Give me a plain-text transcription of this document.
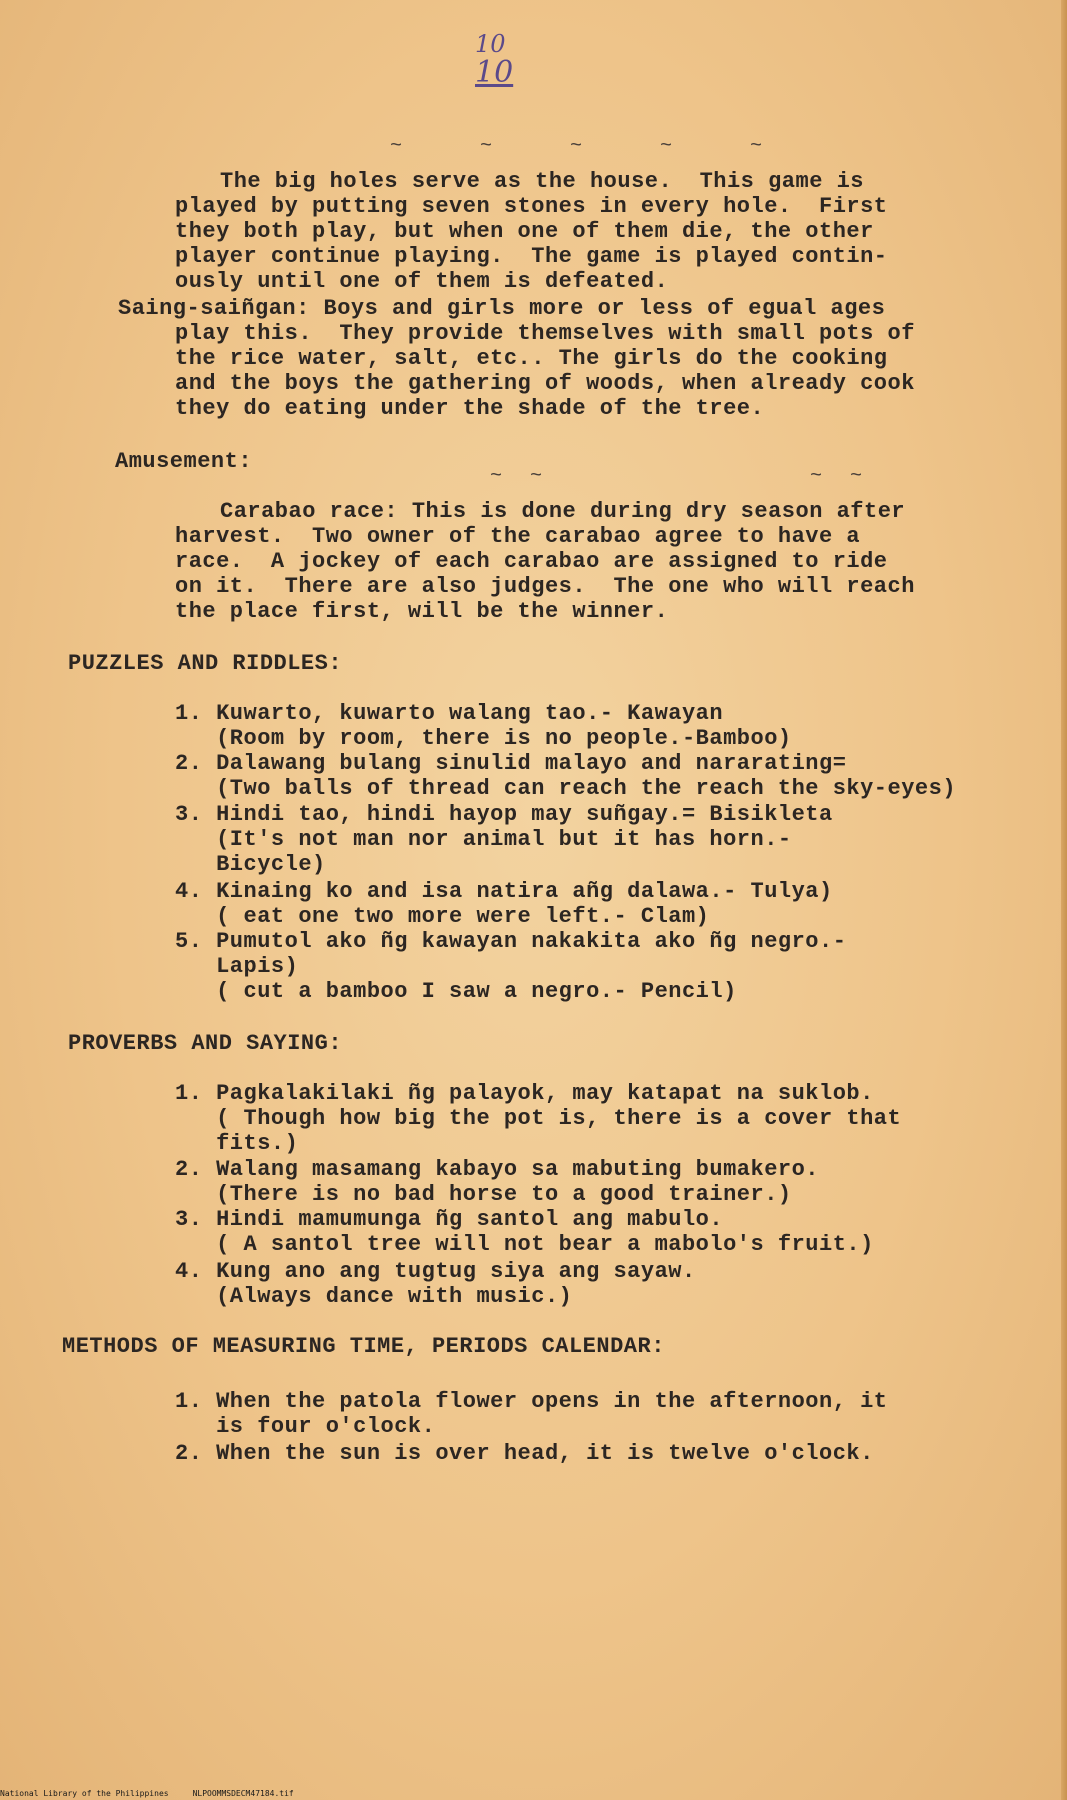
10
10
~	~	~	~	~
~ ~	~ ~
The big holes serve as the house.  This game is
played by putting seven stones in every hole.  First
they both play, but when one of them die, the other
player continue playing.  The game is played contin-
ously until one of them is defeated.
Saing-saiñgan: Boys and girls more or less of egual ages
play this.  They provide themselves with small pots of
the rice water, salt, etc.. The girls do the cooking
and the boys the gathering of woods, when already cook
they do eating under the shade of the tree.
Amusement:
Carabao race: This is done during dry season after
harvest.  Two owner of the carabao agree to have a
race.  A jockey of each carabao are assigned to ride
on it.  There are also judges.  The one who will reach
the place first, will be the winner.
PUZZLES AND RIDDLES:
1. Kuwarto, kuwarto walang tao.- Kawayan
(Room by room, there is no people.-Bamboo)
2. Dalawang bulang sinulid malayo and nararating=
(Two balls of thread can reach the reach the sky-eyes)
3. Hindi tao, hindi hayop may suñgay.= Bisikleta
(It's not man nor animal but it has horn.-
Bicycle)
4. Kinaing ko and isa natira añg dalawa.- Tulya)
( eat one two more were left.- Clam)
5. Pumutol ako ñg kawayan nakakita ako ñg negro.-
Lapis)
( cut a bamboo I saw a negro.- Pencil)
PROVERBS AND SAYING:
1. Pagkalakilaki ñg palayok, may katapat na suklob.
( Though how big the pot is, there is a cover that
fits.)
2. Walang masamang kabayo sa mabuting bumakero.
(There is no bad horse to a good trainer.)
3. Hindi mamumunga ñg santol ang mabulo.
( A santol tree will not bear a mabolo's fruit.)
4. Kung ano ang tugtug siya ang sayaw.
(Always dance with music.)
METHODS OF MEASURING TIME, PERIODS CALENDAR:
1. When the patola flower opens in the afternoon, it
is four o'clock.
2. When the sun is over head, it is twelve o'clock.
National Library of the Philippines	NLPOOMMSDECM47184.tif
